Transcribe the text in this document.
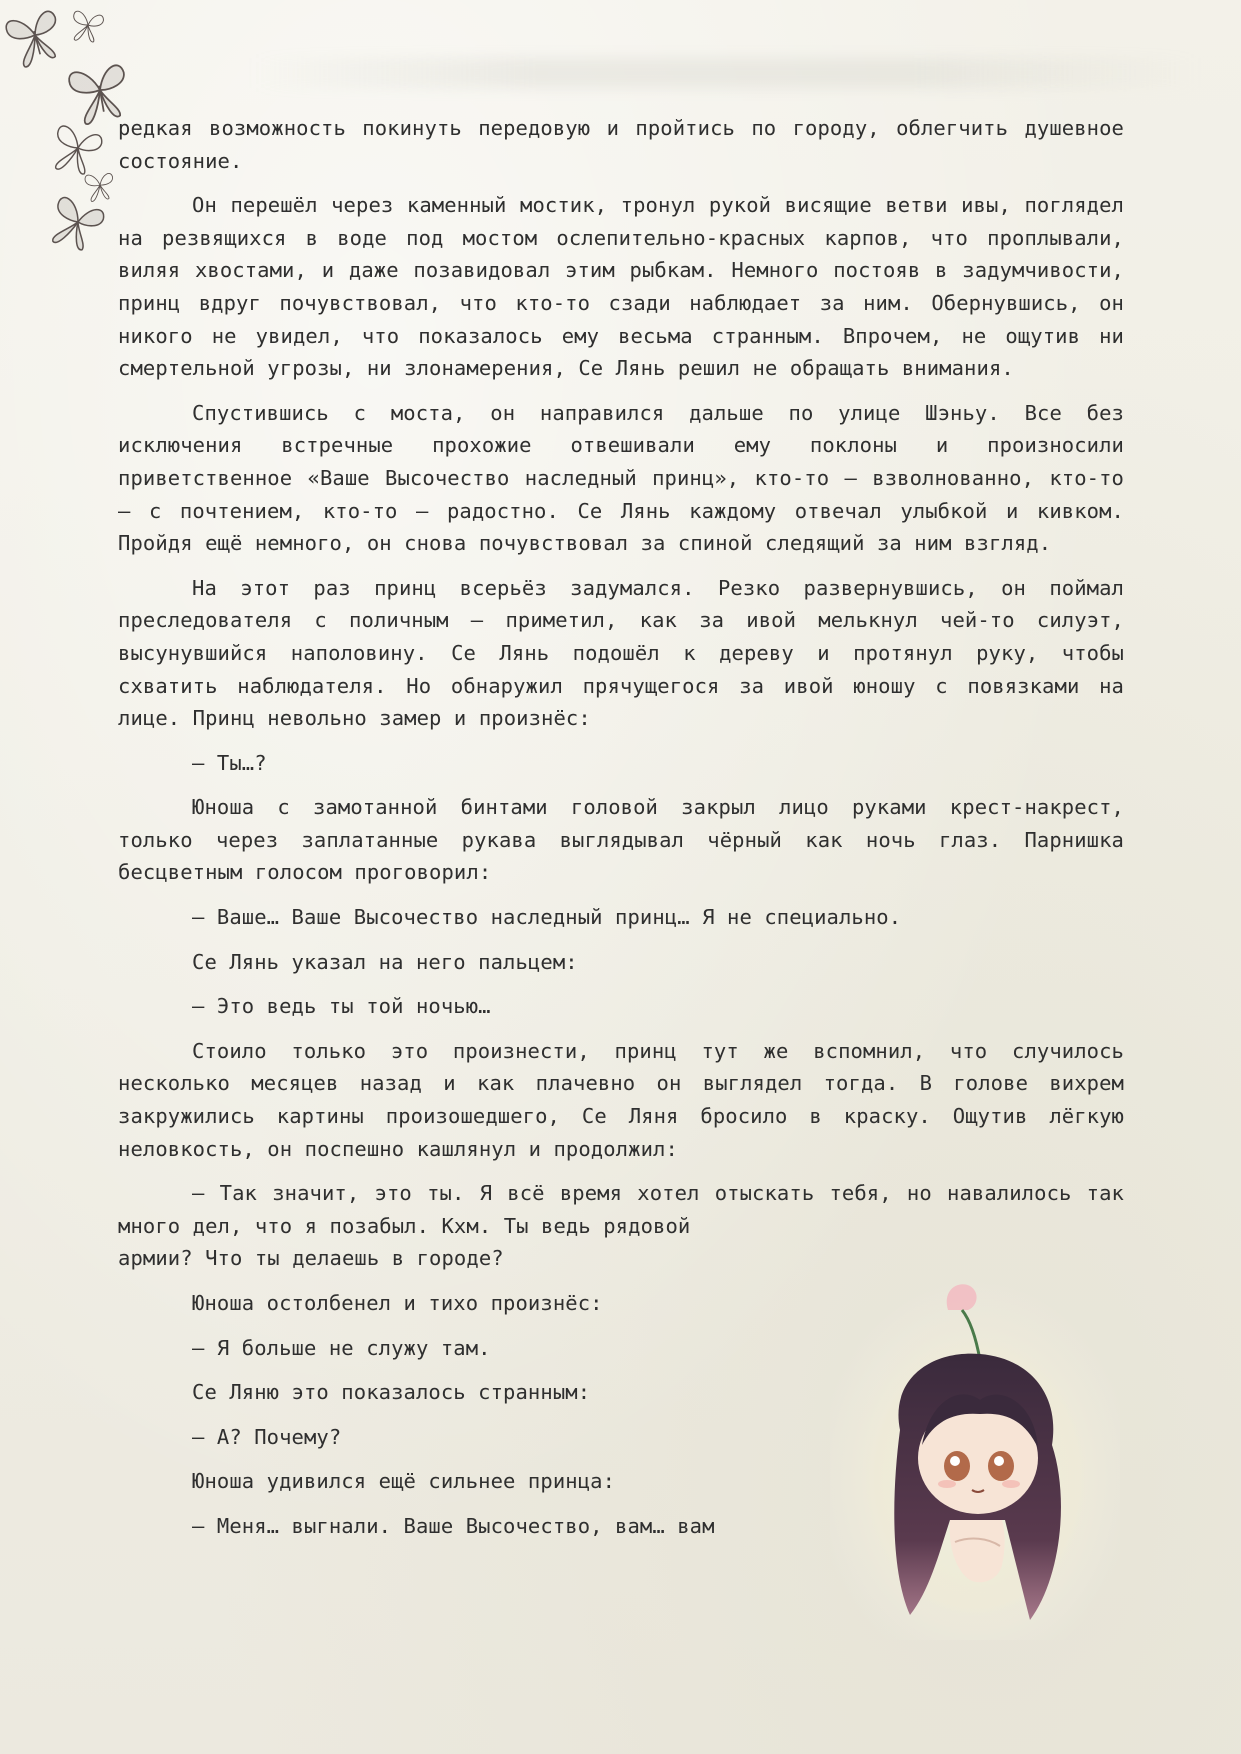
редкая возможность покинуть передовую и пройтись по городу, облегчить душевное состояние.

Он перешёл через каменный мостик, тронул рукой висящие ветви ивы, поглядел на резвящихся в воде под мостом ослепительно-красных карпов, что проплывали, виляя хвостами, и даже позавидовал этим рыбкам. Немного постояв в задумчивости, принц вдруг почувствовал, что кто-то сзади наблюдает за ним. Обернувшись, он никого не увидел, что показалось ему весьма странным. Впрочем, не ощутив ни смертельной угрозы, ни злонамерения, Се Лянь решил не обращать внимания.

Спустившись с моста, он направился дальше по улице Шэньу. Все без исключения встречные прохожие отвешивали ему поклоны и произносили приветственное «Ваше Высочество наследный принц», кто-то — взволнованно, кто-то — с почтением, кто-то — радостно. Се Лянь каждому отвечал улыбкой и кивком. Пройдя ещё немного, он снова почувствовал за спиной следящий за ним взгляд.

На этот раз принц всерьёз задумался. Резко развернувшись, он поймал преследователя с поличным — приметил, как за ивой мелькнул чей-то силуэт, высунувшийся наполовину. Се Лянь подошёл к дереву и протянул руку, чтобы схватить наблюдателя. Но обнаружил прячущегося за ивой юношу с повязками на лице. Принц невольно замер и произнёс:

— Ты…?

Юноша с замотанной бинтами головой закрыл лицо руками крест-накрест, только через заплатанные рукава выглядывал чёрный как ночь глаз. Парнишка бесцветным голосом проговорил:

— Ваше… Ваше Высочество наследный принц… Я не специально.

Се Лянь указал на него пальцем:

— Это ведь ты той ночью…

Стоило только это произнести, принц тут же вспомнил, что случилось несколько месяцев назад и как плачевно он выглядел тогда. В голове вихрем закружились картины произошедшего, Се Ляня бросило в краску. Ощутив лёгкую неловкость, он поспешно кашлянул и продолжил:

— Так значит, это ты. Я всё время хотел отыскать тебя, но навалилось так много дел, что я позабыл. Кхм. Ты ведь рядовой

армии? Что ты делаешь в городе?

Юноша остолбенел и тихо произнёс:

— Я больше не служу там.

Се Ляню это показалось странным:

— А? Почему?

Юноша удивился ещё сильнее принца:

— Меня… выгнали. Ваше Высочество, вам… вам
